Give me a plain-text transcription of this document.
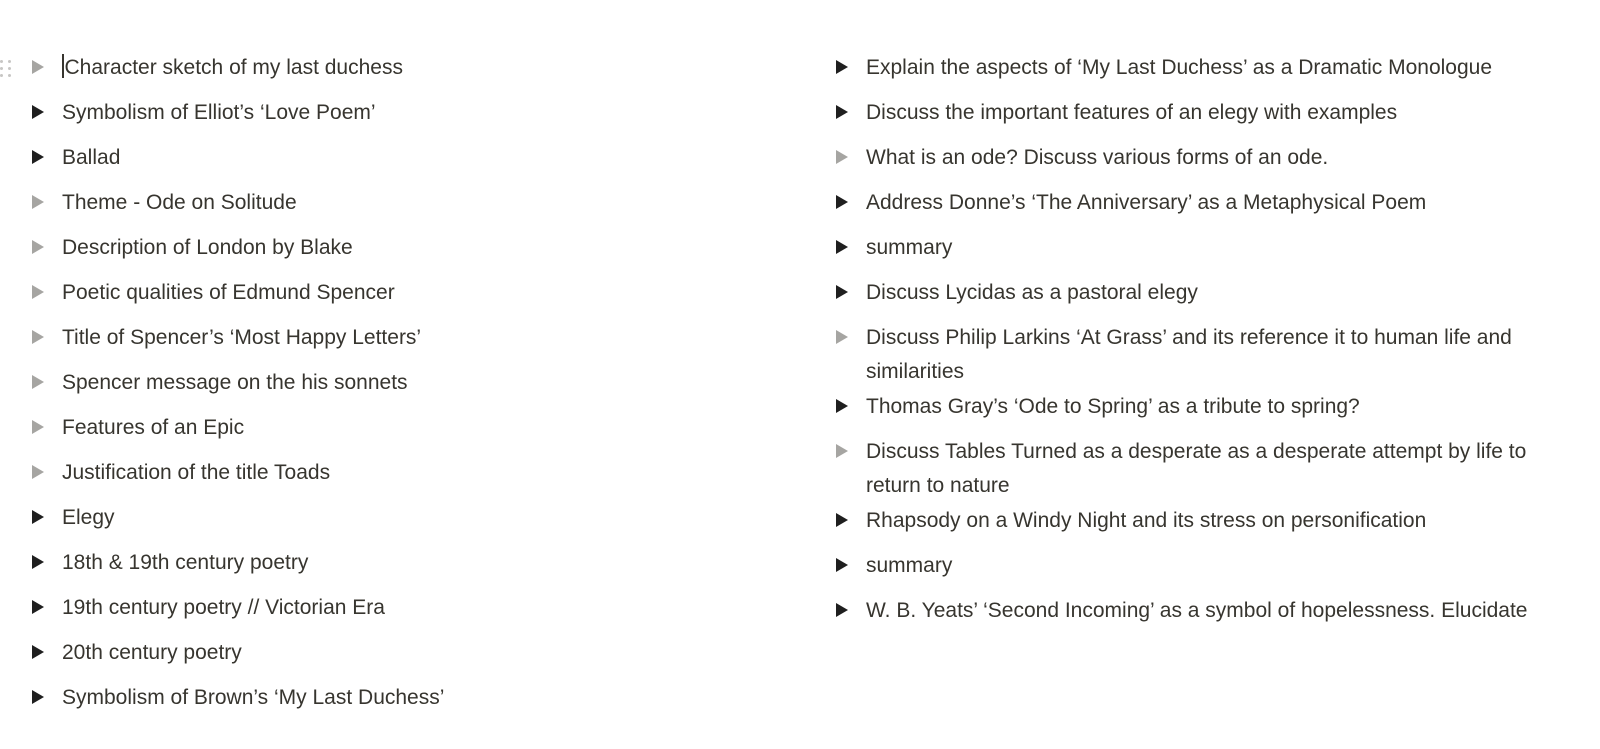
Character sketch of my last duchess
Symbolism of Elliot’s ‘Love Poem’
Ballad
Theme - Ode on Solitude
Description of London by Blake
Poetic qualities of Edmund Spencer
Title of Spencer’s ‘Most Happy Letters’
Spencer message on the his sonnets
Features of an Epic
Justification of the title Toads
Elegy
18th & 19th century poetry
19th century poetry // Victorian Era
20th century poetry
Symbolism of Brown’s ‘My Last Duchess’
Explain the aspects of ‘My Last Duchess’ as a Dramatic Monologue
Discuss the important features of an elegy with examples
What is an ode? Discuss various forms of an ode.
Address Donne’s ‘The Anniversary’ as a Metaphysical Poem
summary
Discuss Lycidas as a pastoral elegy
Discuss Philip Larkins ‘At Grass’ and its reference it to human life and similarities
Thomas Gray’s ‘Ode to Spring’ as a tribute to spring?
Discuss Tables Turned as a desperate as a desperate attempt by life to return to nature
Rhapsody on a Windy Night and its stress on personification
summary
W. B. Yeats’ ‘Second Incoming’ as a symbol of hopelessness. Elucidate
